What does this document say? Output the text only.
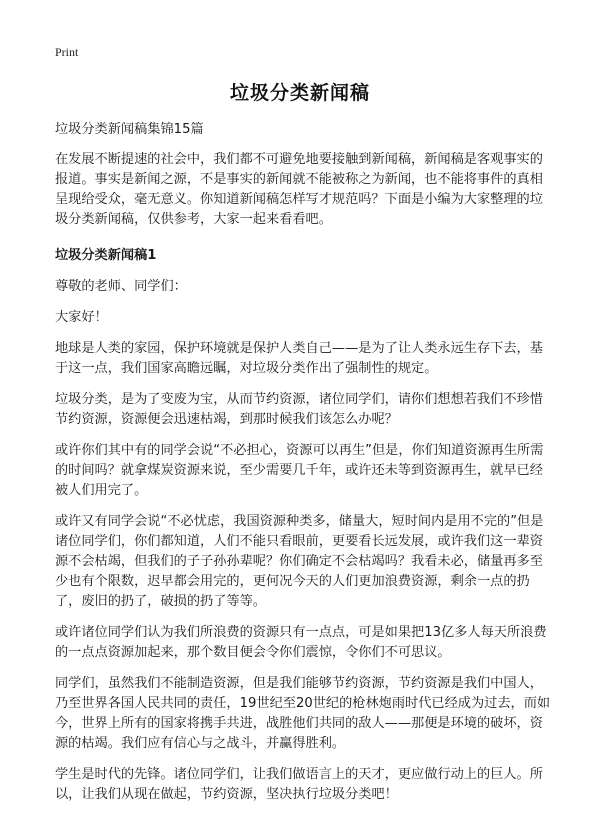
Print
垃圾分类新闻稿

垃圾分类新闻稿集锦15篇

在发展不断提速的社会中，我们都不可避免地要接触到新闻稿，新闻稿是客观事实的报道。事实是新闻之源，不是事实的新闻就不能被称之为新闻，也不能将事件的真相呈现给受众，毫无意义。你知道新闻稿怎样写才规范吗？下面是小编为大家整理的垃圾分类新闻稿，仅供参考，大家一起来看看吧。

垃圾分类新闻稿1

尊敬的老师、同学们：

大家好！

地球是人类的家园，保护环境就是保护人类自己——是为了让人类永远生存下去，基于这一点，我们国家高瞻远瞩，对垃圾分类作出了强制性的规定。

垃圾分类，是为了变废为宝，从而节约资源，诸位同学们，请你们想想若我们不珍惜节约资源，资源便会迅速枯竭，到那时候我们该怎么办呢？

或许你们其中有的同学会说“不必担心，资源可以再生”但是，你们知道资源再生所需的时间吗？就拿煤炭资源来说，至少需要几千年，或许还未等到资源再生，就早已经被人们用完了。

或许又有同学会说“不必忧虑，我国资源种类多，储量大，短时间内是用不完的”但是诸位同学们，你们都知道，人们不能只看眼前，更要看长远发展，或许我们这一辈资源不会枯竭，但我们的子子孙孙辈呢？你们确定不会枯竭吗？我看未必，储量再多至少也有个限数，迟早都会用完的，更何况今天的人们更加浪费资源，剩余一点的扔了，废旧的扔了，破损的扔了等等。

或许诸位同学们认为我们所浪费的资源只有一点点，可是如果把13亿多人每天所浪费的一点点资源加起来，那个数目便会令你们震惊，令你们不可思议。

同学们，虽然我们不能制造资源，但是我们能够节约资源，节约资源是我们中国人，乃至世界各国人民共同的责任，19世纪至20世纪的枪林炮雨时代已经成为过去，而如今，世界上所有的国家将携手共进，战胜他们共同的敌人——那便是环境的破坏，资源的枯竭。我们应有信心与之战斗，并赢得胜利。

学生是时代的先锋。诸位同学们，让我们做语言上的天才，更应做行动上的巨人。所以，让我们从现在做起，节约资源，坚决执行垃圾分类吧！
